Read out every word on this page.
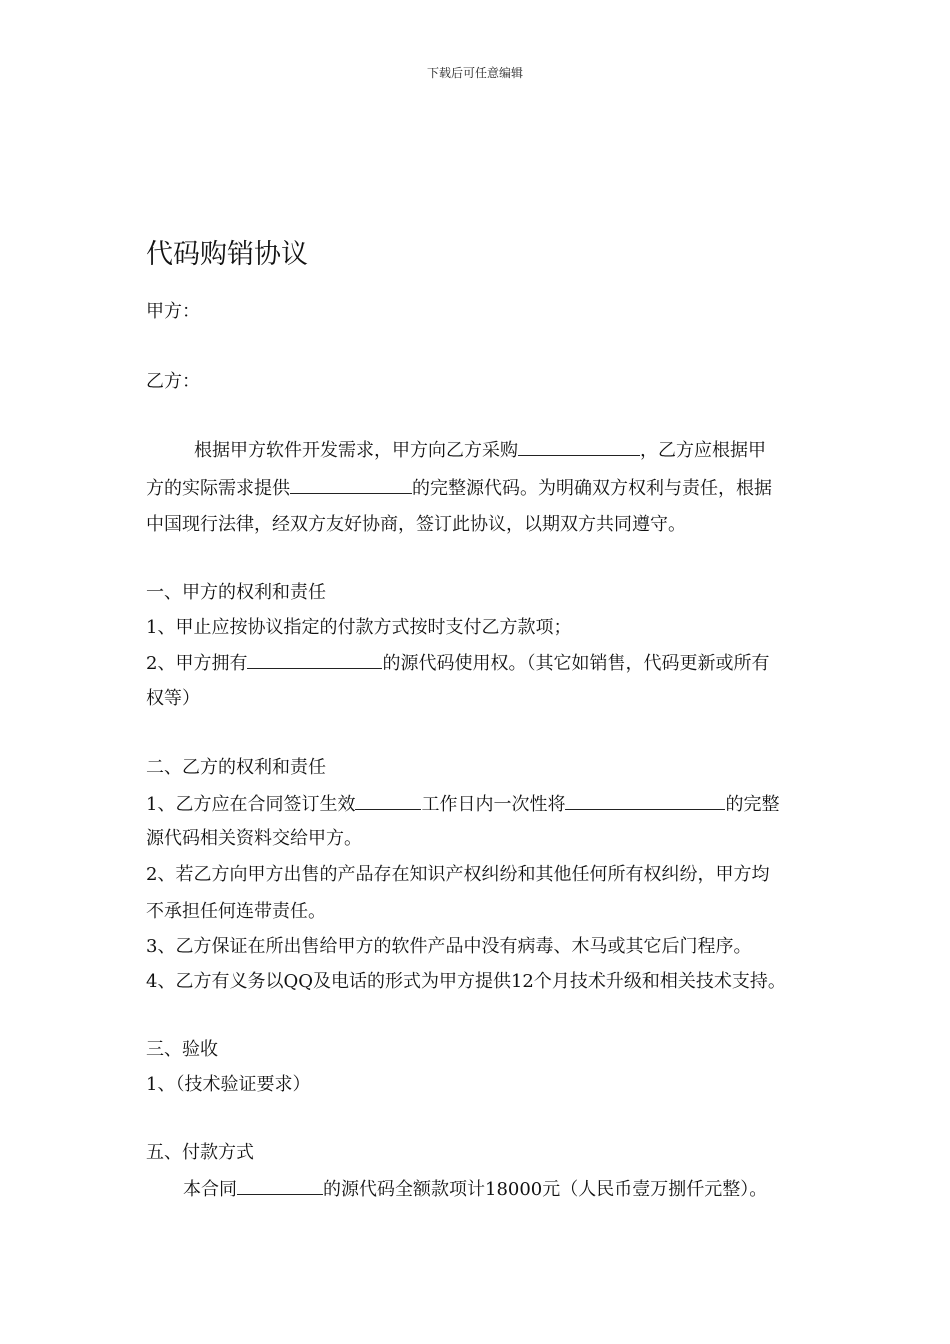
下载后可任意编辑
代码购销协议
甲方：
乙方：
根据甲方软件开发需求，甲方向乙方采购	，乙方应根据甲
方的实际需求提供	的完整源代码。为明确双方权利与责任，根据
中国现行法律，经双方友好协商，签订此协议，以期双方共同遵守。
一、甲方的权利和责任
1、甲止应按协议指定的付款方式按时支付乙方款项；
2、甲方拥有	的源代码使用权。（其它如销售，代码更新或所有
权等）
二、乙方的权利和责任
1、乙方应在合同签订生效	工作日内一次性将	的完整
源代码相关资料交给甲方。
2、若乙方向甲方出售的产品存在知识产权纠纷和其他任何所有权纠纷，甲方均
不承担任何连带责任。
3、乙方保证在所出售给甲方的软件产品中没有病毒、木马或其它后门程序。
4、乙方有义务以QQ及电话的形式为甲方提供12个月技术升级和相关技术支持。
三、验收
1、（技术验证要求）
五、付款方式
本合同	的源代码全额款项计18000元（人民币壹万捌仟元整）。
